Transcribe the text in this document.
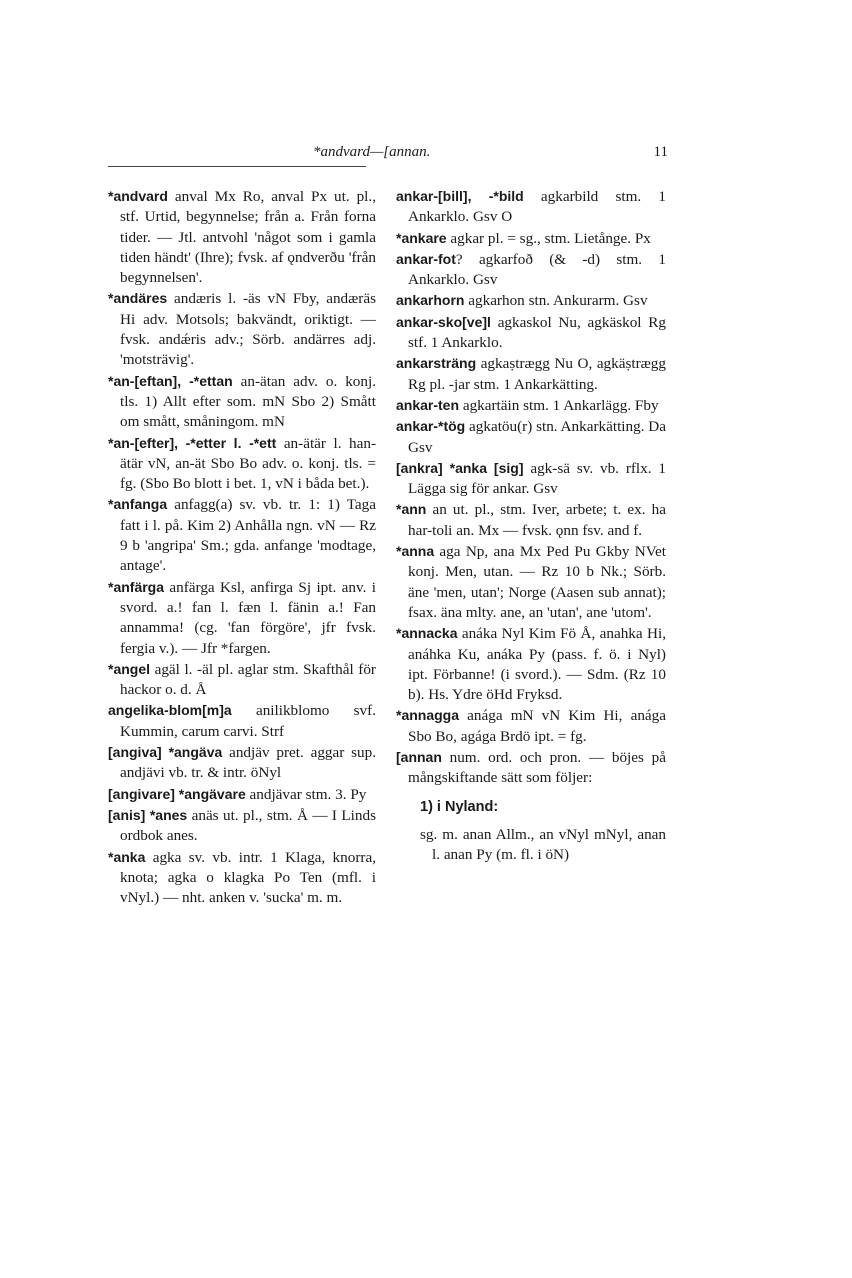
*andvard—[annan.	11

*andvard anval Mx Ro, anval Px ut. pl., stf. Urtid, begynnelse; från a. Från forna tider. — Jtl. antvohl 'något som i gamla tiden händt' (Ihre); fvsk. af ǫndverðu 'från begynnelsen'.

*andäres andæris l. -äs vN Fby, andæräs Hi adv. Motsols; bakvändt, oriktigt. — fvsk. andǽris adv.; Sörb. andärres adj. 'motsträvig'.

*an-[eftan], -*ettan an-ätan adv. o. konj. tls. 1) Allt efter som. mN Sbo 2) Smått om smått, småningom. mN

*an-[efter], -*etter l. -*ett an-ätär l. han-ätär vN, an-ät Sbo Bo adv. o. konj. tls. = fg. (Sbo Bo blott i bet. 1, vN i båda bet.).

*anfanga anfagg(a) sv. vb. tr. 1: 1) Taga fatt i l. på. Kim 2) Anhålla ngn. vN — Rz 9 b 'angripa' Sm.; gda. anfange 'modtage, antage'.

*anfärga anfärga Ksl, anfirga Sj ipt. anv. i svord. a.! fan l. fæn l. fänin a.! Fan annamma! (cg. 'fan förgöre', jfr fvsk. fergia v.). — Jfr *fargen.

*angel agäl l. -äl pl. aglar stm. Skafthål för hackor o. d. Å

angelika-blom[m]a anilikblomo svf. Kummin, carum carvi. Strf

[angiva] *angäva andjäv pret. aggar sup. andjävi vb. tr. & intr. öNyl

[angivare] *angävare andjävar stm. 3. Py

[anis] *anes anäs ut. pl., stm. Å — I Linds ordbok anes.

*anka agka sv. vb. intr. 1 Klaga, knorra, knota; agka o klagka Po Ten (mfl. i vNyl.) — nht. anken v. 'sucka' m. m.

ankar-[bill], -*bild agkarbild stm. 1 Ankarklo. Gsv O

*ankare agkar pl. = sg., stm. Lietånge. Px

ankar-fot? agkarfoð (& -d) stm. 1 Ankarklo. Gsv

ankarhorn agkarhon stn. Ankurarm. Gsv

ankar-sko[ve]l agkaskol Nu, agkäskol Rg stf. 1 Ankarklo.

ankarsträng agkaṣtrægg Nu O, agkäṣtrægg Rg pl. -jar stm. 1 Ankarkätting.

ankar-ten agkartäin stm. 1 Ankarlägg. Fby

ankar-*tög agkatöu(r) stn. Ankarkätting. Da Gsv

[ankra] *anka [sig] agk-sä sv. vb. rflx. 1 Lägga sig för ankar. Gsv

*ann an ut. pl., stm. Iver, arbete; t. ex. ha har-toli an. Mx — fvsk. ǫnn fsv. and f.

*anna aga Np, ana Mx Ped Pu Gkby NVet konj. Men, utan. — Rz 10 b Nk.; Sörb. äne 'men, utan'; Norge (Aasen sub annat); fsax. äna mlty. ane, an 'utan', ane 'utom'.

*annacka anáka Nyl Kim Fö Å, anahka Hi, anáhka Ku, anáka Py (pass. f. ö. i Nyl) ipt. Förbanne! (i svord.). — Sdm. (Rz 10 b). Hs. Ydre öHd Fryksd.

*annagga anága mN vN Kim Hi, anága Sbo Bo, agága Brdö ipt. = fg.

[annan num. ord. och pron. — böjes på mångskiftande sätt som följer:

1) i Nyland:

sg. m. anan Allm., an vNyl mNyl, anan l. anan Py (m. fl. i öN)
